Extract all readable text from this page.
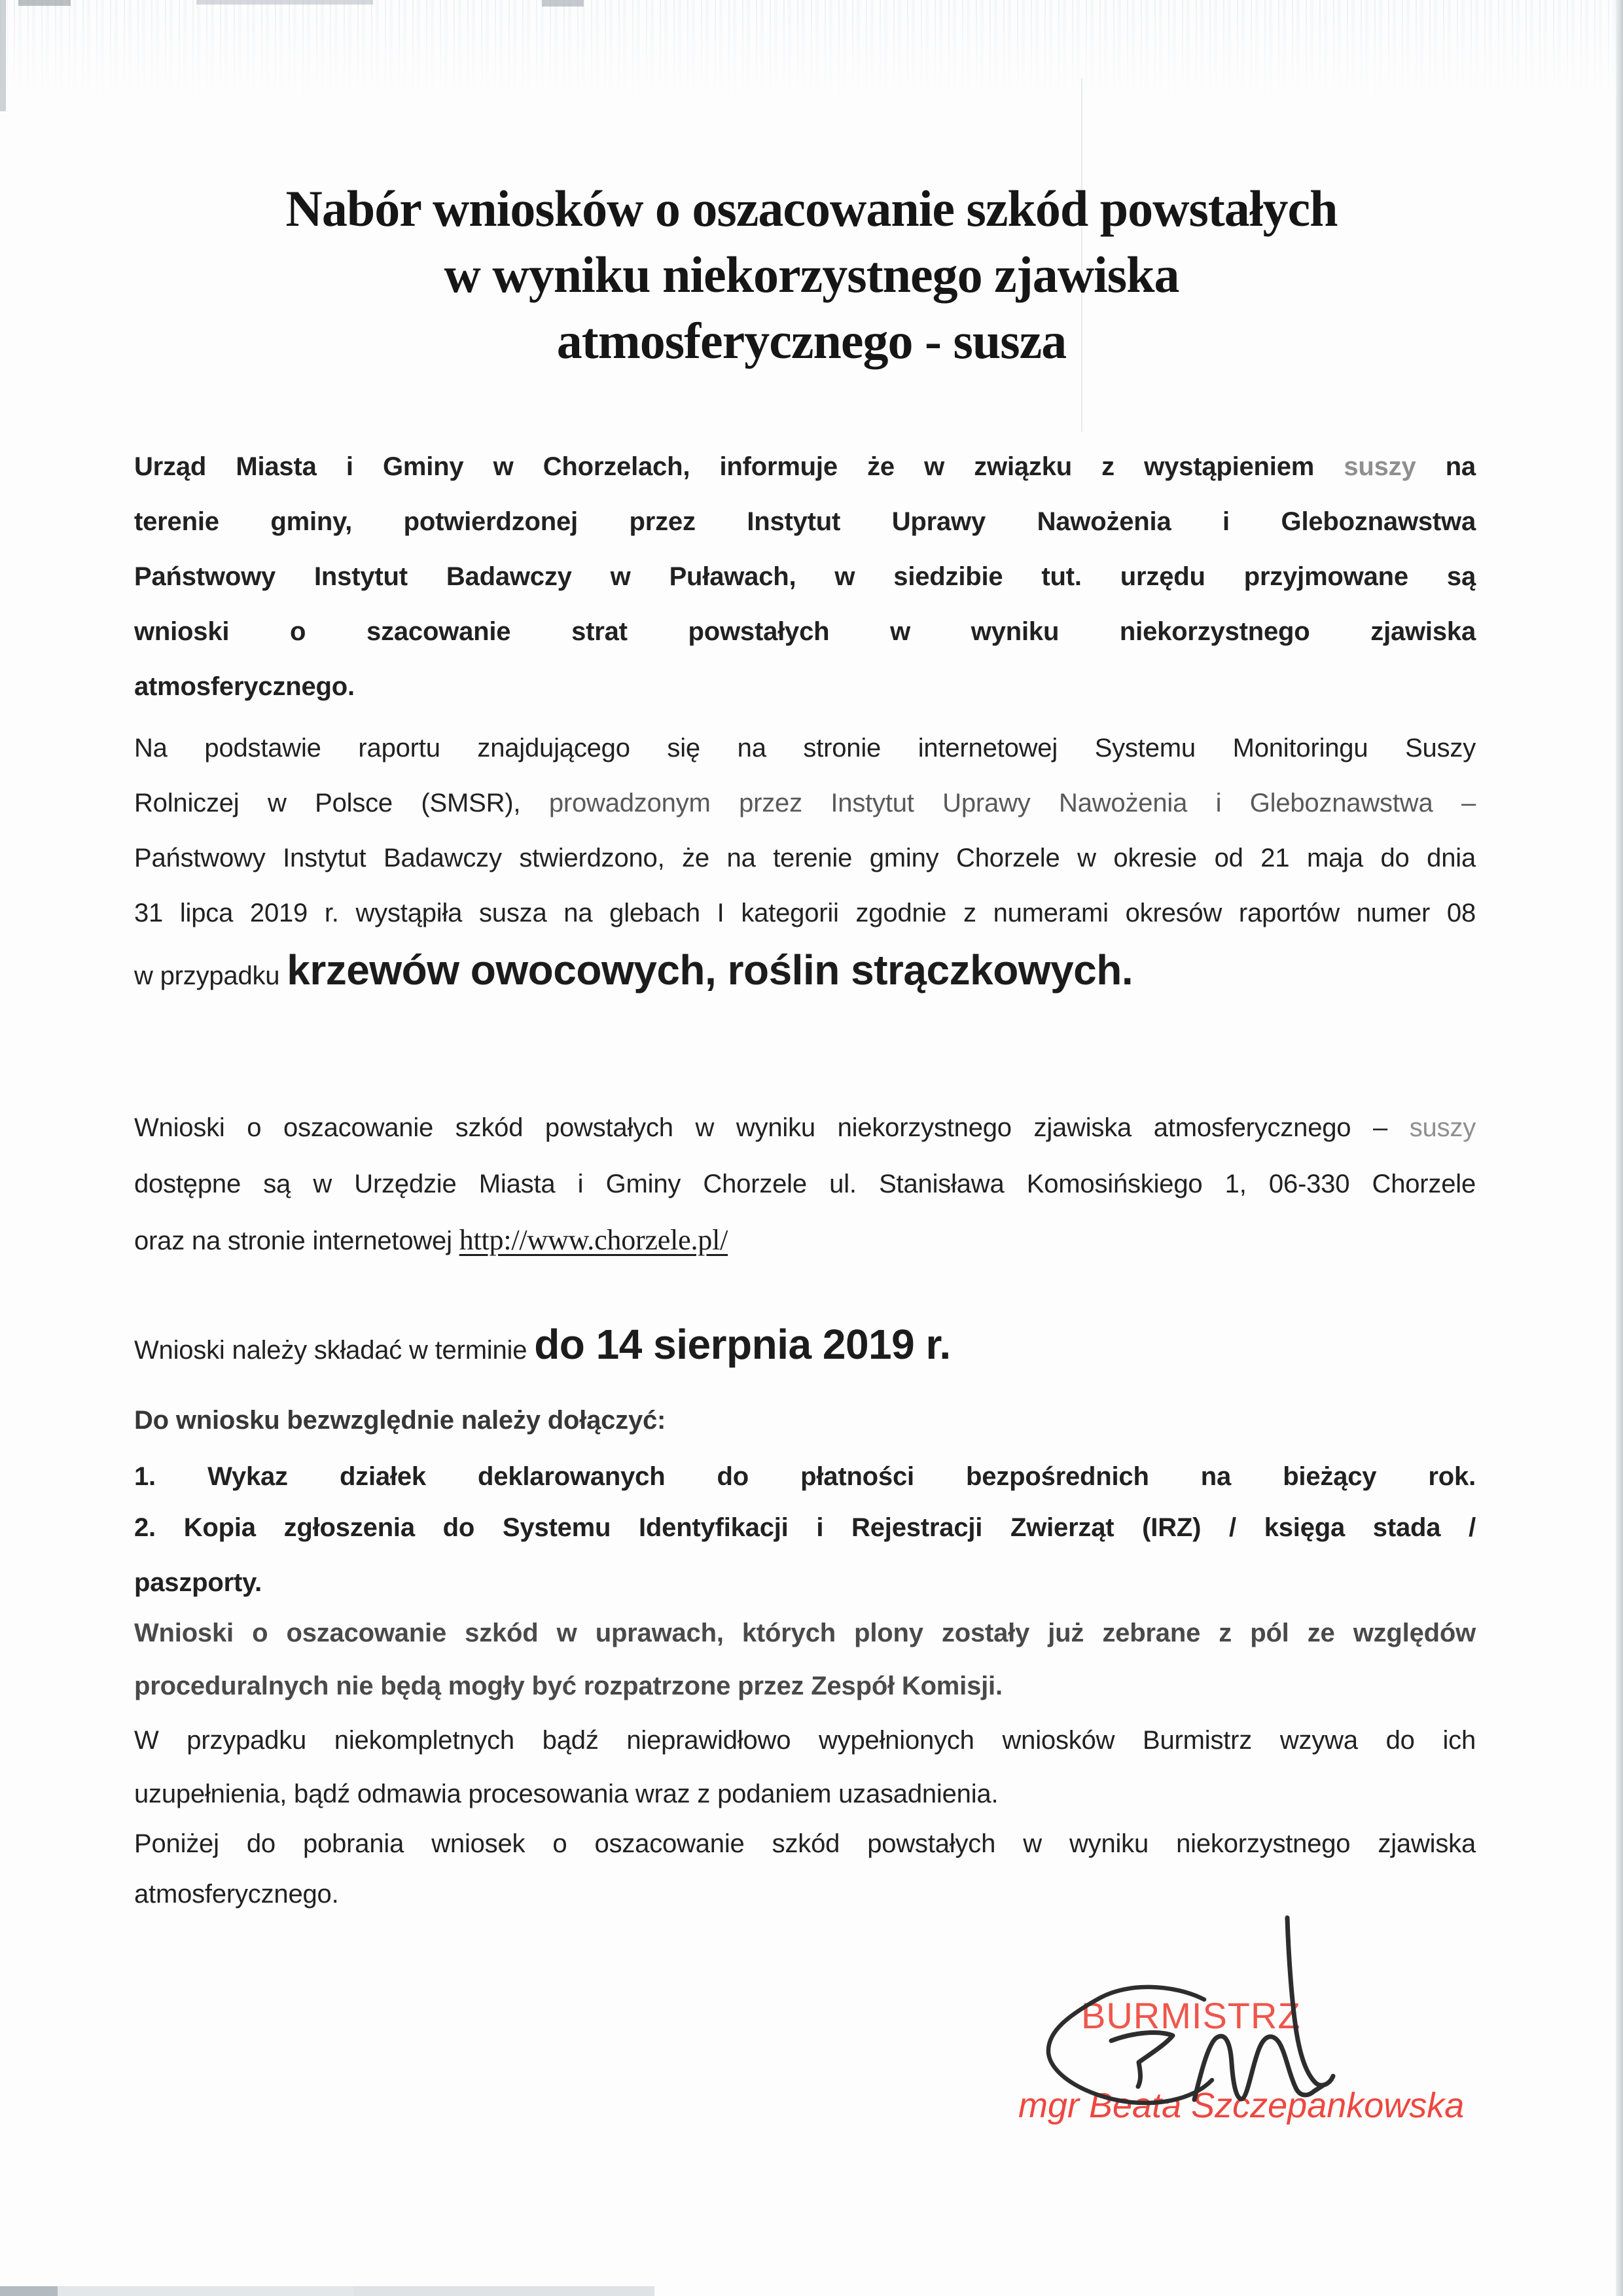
Nabór wniosków o oszacowanie szkód powstałych
w wyniku niekorzystnego zjawiska
atmosferycznego - susza
Urząd Miasta i Gminy w Chorzelach, informuje że w związku z wystąpieniem suszy na
terenie gminy, potwierdzonej przez Instytut Uprawy Nawożenia i Gleboznawstwa
Państwowy Instytut Badawczy w Puławach, w siedzibie tut. urzędu przyjmowane są
wnioski o szacowanie strat powstałych w wyniku niekorzystnego zjawiska
atmosferycznego.
Na podstawie raportu znajdującego się na stronie internetowej Systemu Monitoringu Suszy
Rolniczej w Polsce (SMSR), prowadzonym przez Instytut Uprawy Nawożenia i Gleboznawstwa –
Państwowy Instytut Badawczy stwierdzono, że na terenie gminy Chorzele w okresie od 21 maja do dnia
31 lipca 2019 r. wystąpiła susza na glebach I kategorii zgodnie z numerami okresów raportów numer 08
w przypadku krzewów owocowych, roślin strączkowych.
Wnioski o oszacowanie szkód powstałych w wyniku niekorzystnego zjawiska atmosferycznego – suszy
dostępne są w Urzędzie Miasta i Gminy Chorzele ul. Stanisława Komosińskiego 1, 06-330 Chorzele
oraz na stronie internetowej http://www.chorzele.pl/
Wnioski należy składać w terminie do 14 sierpnia 2019 r.
Do wniosku bezwzględnie należy dołączyć:
1. Wykaz działek deklarowanych do płatności bezpośrednich na bieżący rok.
2. Kopia zgłoszenia do Systemu Identyfikacji i Rejestracji Zwierząt (IRZ) / księga stada /
paszporty.
Wnioski o oszacowanie szkód w uprawach, których plony zostały już zebrane z pól ze względów
proceduralnych nie będą mogły być rozpatrzone przez Zespół Komisji.
W przypadku niekompletnych bądź nieprawidłowo wypełnionych wniosków Burmistrz wzywa do ich
uzupełnienia, bądź odmawia procesowania wraz z podaniem uzasadnienia.
Poniżej do pobrania wniosek o oszacowanie szkód powstałych w wyniku niekorzystnego zjawiska
atmosferycznego.
BURMISTRZ
mgr Beata Szczepankowska
